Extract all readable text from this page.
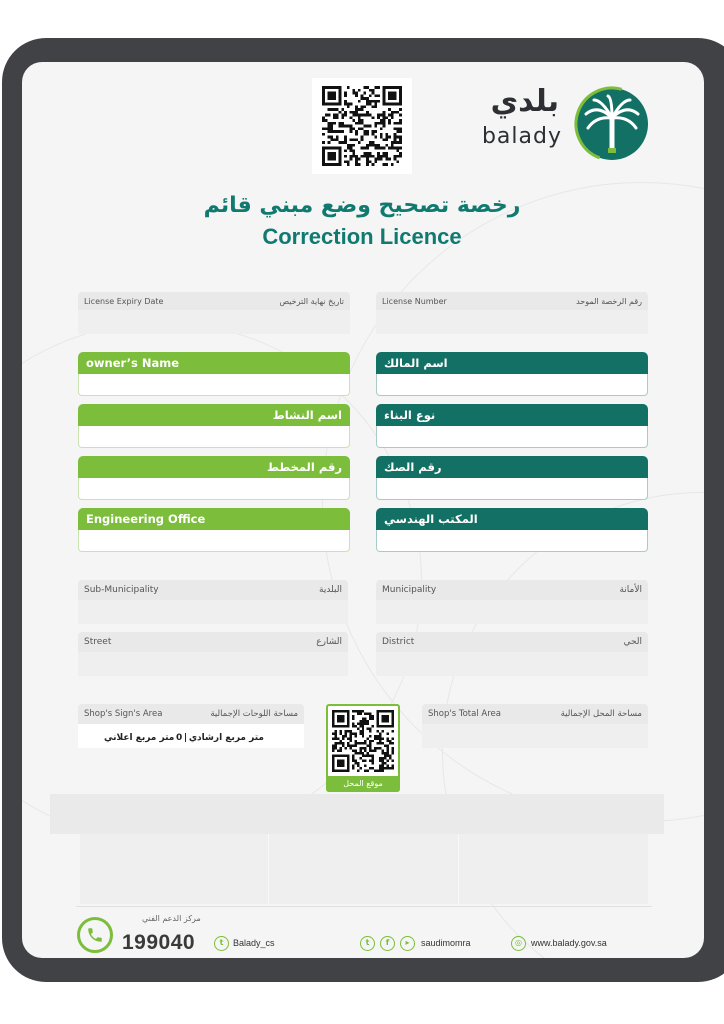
بلدي
balady
رخصة تصحيح وضع مبني قائم
Correction Licence
License Expiry Date	تاريخ نهاية الترخيص	License Number	رقم الرخصة الموحد
owner’s Name	اسم المالك
اسم النشاط	نوع البناء
رقم المخطط	رقم الصك
Engineering Office	المكتب الهندسي
Sub-Municipality	البلدية	Municipality	الأمانة
Street	الشارع	District	الحي
Shop's Sign's Area	مساحة اللوحات الإجمالية
متر مربع ارشادي
|
0
متر مربع اعلاني
Shop's Total Area	مساحة المحل الإجمالية
موقع المحل
مركز الدعم الفني
199040	t	Balady_cs	t	f	▸	saudimomra	◎	www.balady.gov.sa
